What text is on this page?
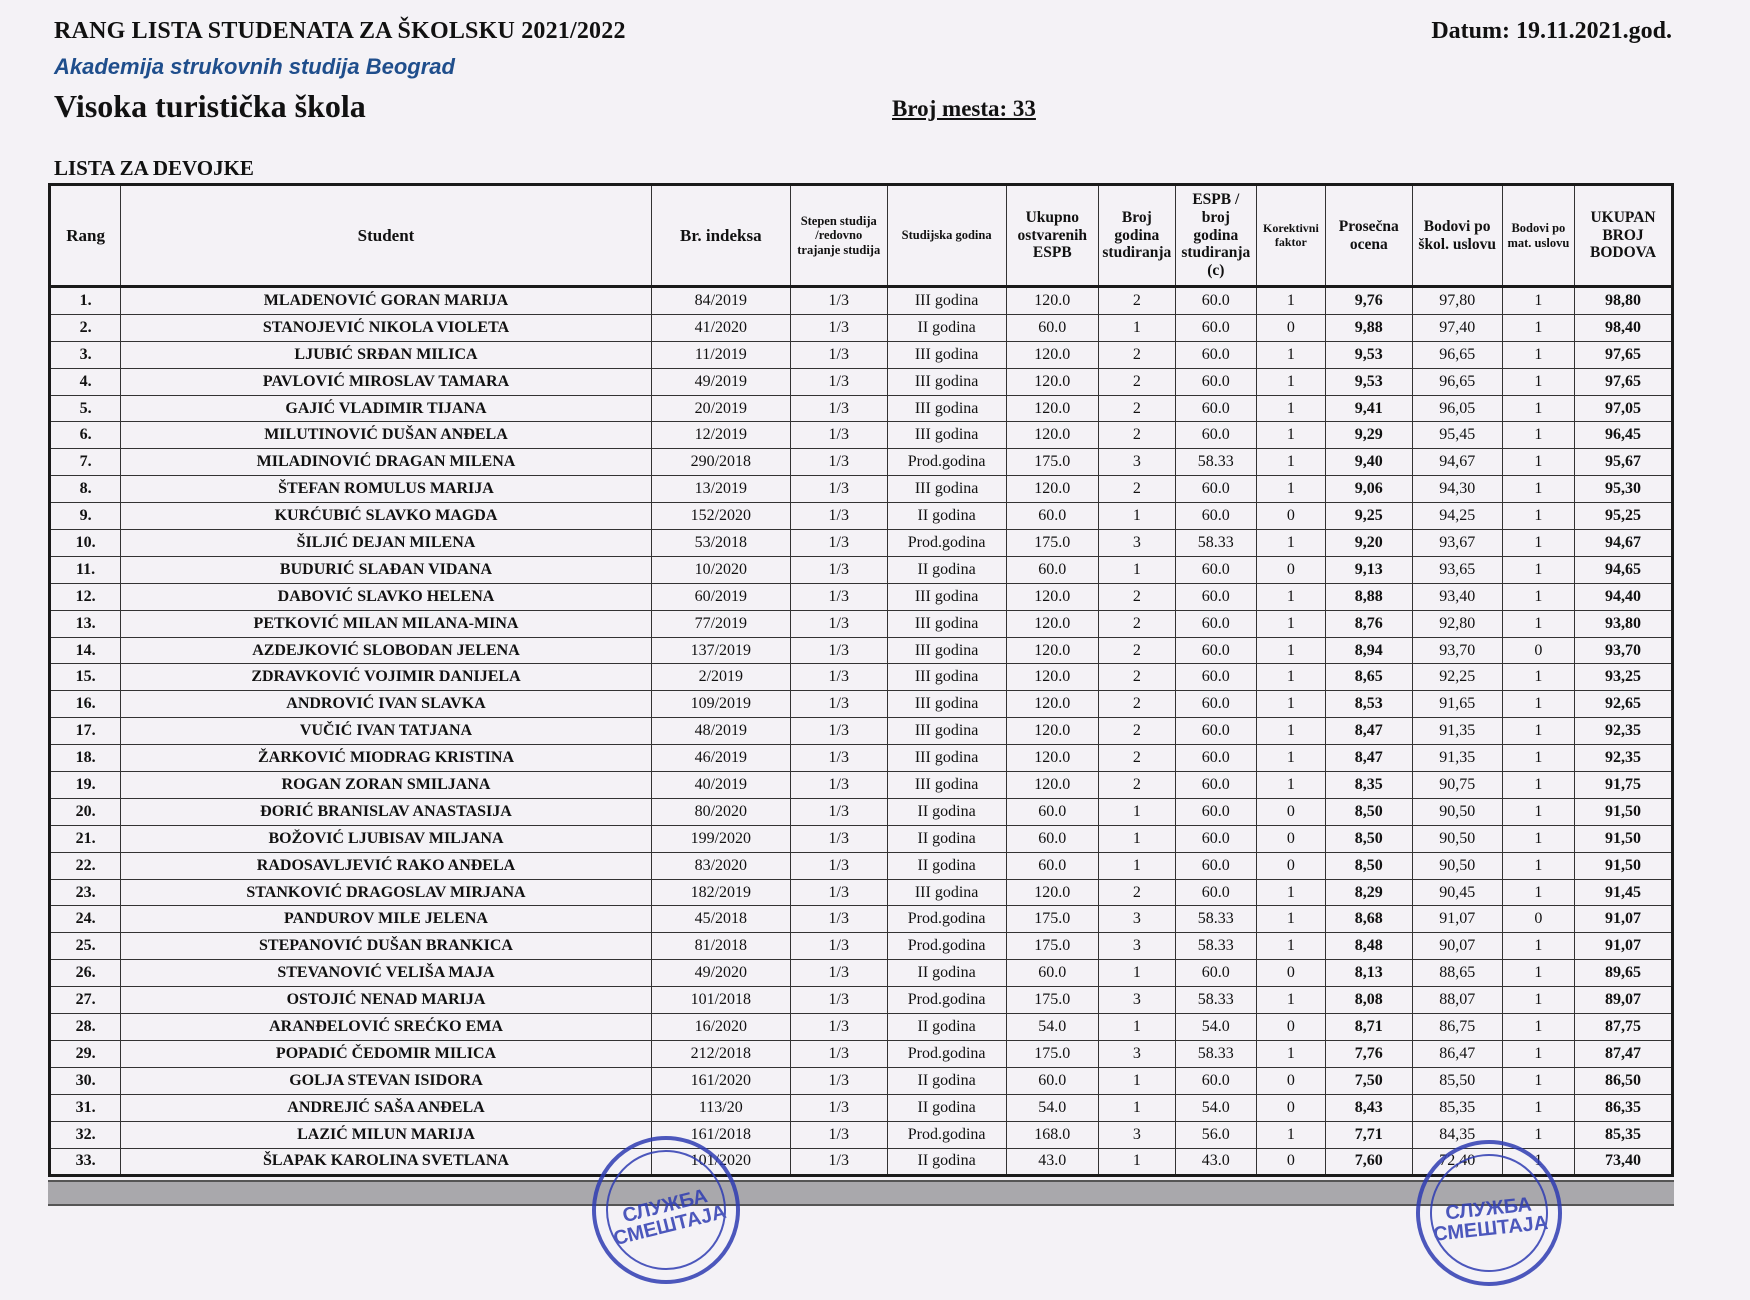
RANG LISTA STUDENATA ZA ŠKOLSKU 2021/2022	Datum: 19.11.2021.god.
Akademija strukovnih studija Beograd
Visoka turistička škola	Broj mesta: 33
LISTA ZA DEVOJKE
Rang	Student	Br. indeksa	Stepen studija /redovno trajanje studija	Studijska godina	Ukupno ostvarenih ESPB	Broj godina studiranja	ESPB / broj godina studiranja (c)	Korektivni faktor	Prosečna ocena	Bodovi po škol. uslovu	Bodovi po mat. uslovu	UKUPAN BROJ BODOVA
1.	MLADENOVIĆ GORAN MARIJA	84/2019	1/3	III godina	120.0	2	60.0	1	9,76	97,80	1	98,80
2.	STANOJEVIĆ NIKOLA VIOLETA	41/2020	1/3	II godina	60.0	1	60.0	0	9,88	97,40	1	98,40
3.	LJUBIĆ SRĐAN MILICA	11/2019	1/3	III godina	120.0	2	60.0	1	9,53	96,65	1	97,65
4.	PAVLOVIĆ MIROSLAV TAMARA	49/2019	1/3	III godina	120.0	2	60.0	1	9,53	96,65	1	97,65
5.	GAJIĆ VLADIMIR TIJANA	20/2019	1/3	III godina	120.0	2	60.0	1	9,41	96,05	1	97,05
6.	MILUTINOVIĆ DUŠAN ANĐELA	12/2019	1/3	III godina	120.0	2	60.0	1	9,29	95,45	1	96,45
7.	MILADINOVIĆ DRAGAN MILENA	290/2018	1/3	Prod.godina	175.0	3	58.33	1	9,40	94,67	1	95,67
8.	ŠTEFAN ROMULUS MARIJA	13/2019	1/3	III godina	120.0	2	60.0	1	9,06	94,30	1	95,30
9.	KURĆUBIĆ SLAVKO MAGDA	152/2020	1/3	II godina	60.0	1	60.0	0	9,25	94,25	1	95,25
10.	ŠILJIĆ DEJAN MILENA	53/2018	1/3	Prod.godina	175.0	3	58.33	1	9,20	93,67	1	94,67
11.	BUDURIĆ SLAĐAN VIDANA	10/2020	1/3	II godina	60.0	1	60.0	0	9,13	93,65	1	94,65
12.	DABOVIĆ SLAVKO HELENA	60/2019	1/3	III godina	120.0	2	60.0	1	8,88	93,40	1	94,40
13.	PETKOVIĆ MILAN MILANA-MINA	77/2019	1/3	III godina	120.0	2	60.0	1	8,76	92,80	1	93,80
14.	AZDEJKOVIĆ SLOBODAN JELENA	137/2019	1/3	III godina	120.0	2	60.0	1	8,94	93,70	0	93,70
15.	ZDRAVKOVIĆ VOJIMIR DANIJELA	2/2019	1/3	III godina	120.0	2	60.0	1	8,65	92,25	1	93,25
16.	ANDROVIĆ IVAN SLAVKA	109/2019	1/3	III godina	120.0	2	60.0	1	8,53	91,65	1	92,65
17.	VUČIĆ IVAN TATJANA	48/2019	1/3	III godina	120.0	2	60.0	1	8,47	91,35	1	92,35
18.	ŽARKOVIĆ MIODRAG KRISTINA	46/2019	1/3	III godina	120.0	2	60.0	1	8,47	91,35	1	92,35
19.	ROGAN ZORAN SMILJANA	40/2019	1/3	III godina	120.0	2	60.0	1	8,35	90,75	1	91,75
20.	ĐORIĆ BRANISLAV ANASTASIJA	80/2020	1/3	II godina	60.0	1	60.0	0	8,50	90,50	1	91,50
21.	BOŽOVIĆ LJUBISAV MILJANA	199/2020	1/3	II godina	60.0	1	60.0	0	8,50	90,50	1	91,50
22.	RADOSAVLJEVIĆ RAKO ANĐELA	83/2020	1/3	II godina	60.0	1	60.0	0	8,50	90,50	1	91,50
23.	STANKOVIĆ DRAGOSLAV MIRJANA	182/2019	1/3	III godina	120.0	2	60.0	1	8,29	90,45	1	91,45
24.	PANDUROV MILE JELENA	45/2018	1/3	Prod.godina	175.0	3	58.33	1	8,68	91,07	0	91,07
25.	STEPANOVIĆ DUŠAN BRANKICA	81/2018	1/3	Prod.godina	175.0	3	58.33	1	8,48	90,07	1	91,07
26.	STEVANOVIĆ VELIŠA MAJA	49/2020	1/3	II godina	60.0	1	60.0	0	8,13	88,65	1	89,65
27.	OSTOJIĆ NENAD MARIJA	101/2018	1/3	Prod.godina	175.0	3	58.33	1	8,08	88,07	1	89,07
28.	ARANĐELOVIĆ SREĆKO EMA	16/2020	1/3	II godina	54.0	1	54.0	0	8,71	86,75	1	87,75
29.	POPADIĆ ČEDOMIR MILICA	212/2018	1/3	Prod.godina	175.0	3	58.33	1	7,76	86,47	1	87,47
30.	GOLJA STEVAN ISIDORA	161/2020	1/3	II godina	60.0	1	60.0	0	7,50	85,50	1	86,50
31.	ANDREJIĆ SAŠA ANĐELA	113/20	1/3	II godina	54.0	1	54.0	0	8,43	85,35	1	86,35
32.	LAZIĆ MILUN MARIJA	161/2018	1/3	Prod.godina	168.0	3	56.0	1	7,71	84,35	1	85,35
33.	ŠLAPAK KAROLINA SVETLANA	101/2020	1/3	II godina	43.0	1	43.0	0	7,60	72,40	1	73,40
СЛУЖБА СМЕШТАЈА	СЛУЖБА СМЕШТАЈА
